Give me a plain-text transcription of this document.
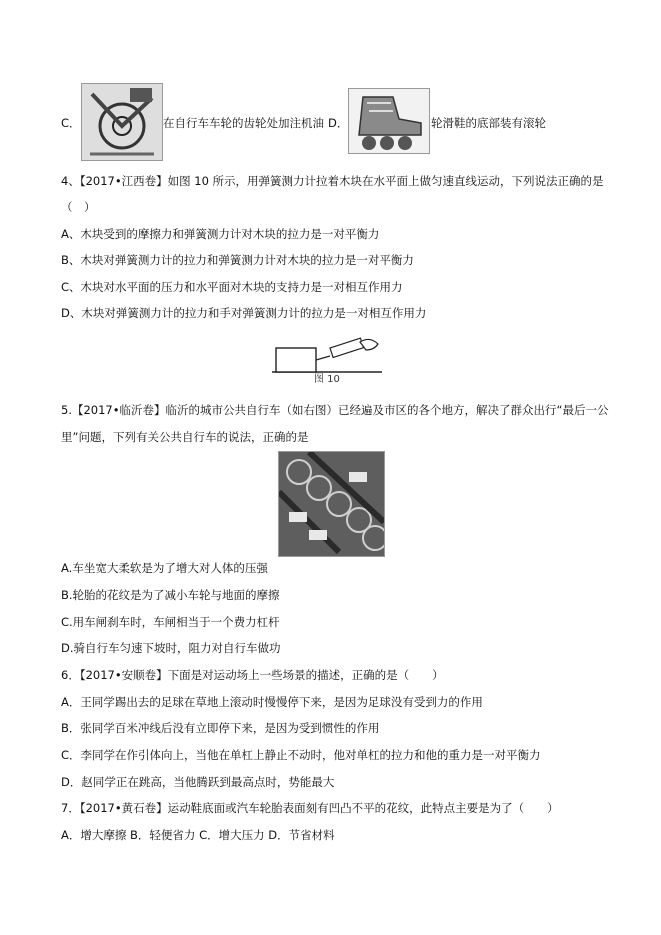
C．	在自行车车轮的齿轮处加注机油 D．	轮滑鞋的底部装有滚轮
4、【2017•江西卷】如图 10 所示，用弹簧测力计拉着木块在水平面上做匀速直线运动，下列说法正确的是
（　）
A、木块受到的摩擦力和弹簧测力计对木块的拉力是一对平衡力
B、木块对弹簧测力计的拉力和弹簧测力计对木块的拉力是一对平衡力
C、木块对水平面的压力和水平面对木块的支持力是一对相互作用力
D、木块对弹簧测力计的拉力和手对弹簧测力计的拉力是一对相互作用力
图 10
5.【2017•临沂卷】临沂的城市公共自行车（如右图）已经遍及市区的各个地方，解决了群众出行“最后一公
里”问题，下列有关公共自行车的说法，正确的是
A.车坐宽大柔软是为了增大对人体的压强
B.轮胎的花纹是为了减小车轮与地面的摩擦
C.用车闸刹车时，车闸相当于一个费力杠杆
D.骑自行车匀速下坡时，阻力对自行车做功
6．【2017•安顺卷】下面是对运动场上一些场景的描述，正确的是（　　）
A．王同学踢出去的足球在草地上滚动时慢慢停下来，是因为足球没有受到力的作用
B．张同学百米冲线后没有立即停下来，是因为受到惯性的作用
C．李同学在作引体向上，当他在单杠上静止不动时，他对单杠的拉力和他的重力是一对平衡力
D．赵同学正在跳高，当他腾跃到最高点时，势能最大
7．【2017•黄石卷】运动鞋底面或汽车轮胎表面刻有凹凸不平的花纹，此特点主要是为了（　　）
A．增大摩擦 B．轻便省力 C．增大压力 D．节省材料
